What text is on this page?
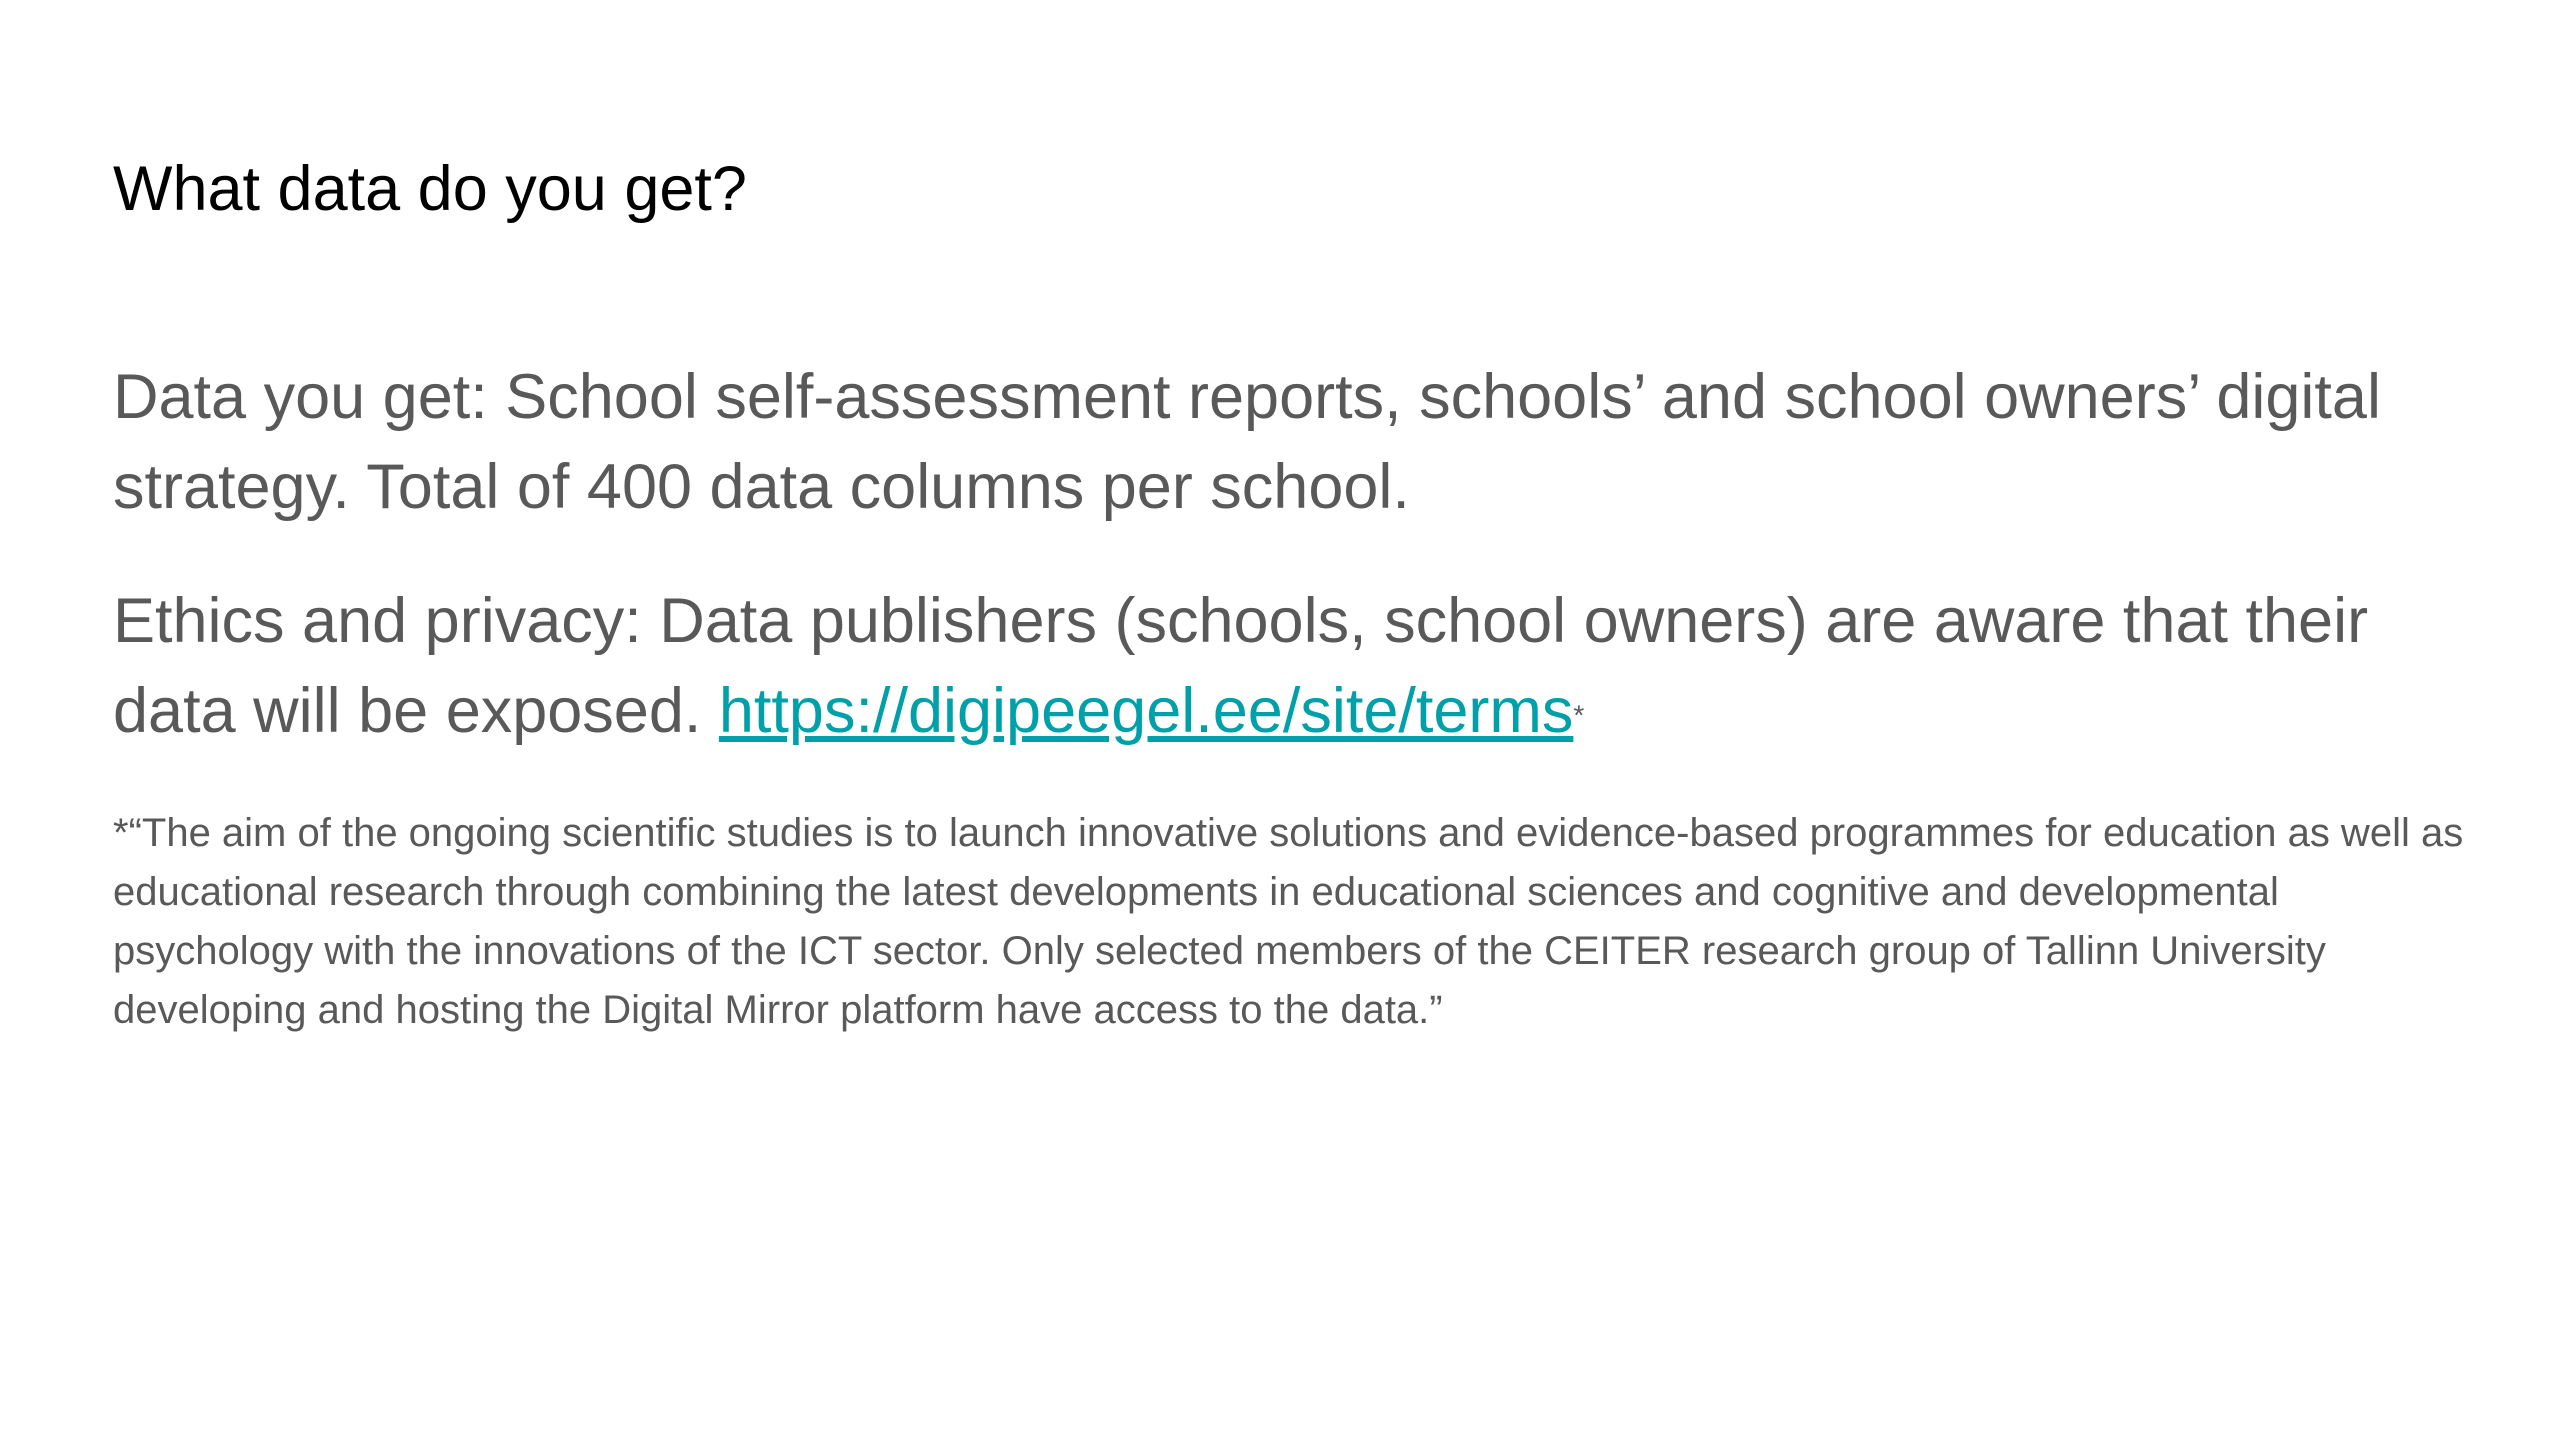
What data do you get?

Data you get: School self-assessment reports, schools’ and school owners’ digital strategy. Total of 400 data columns per school.

Ethics and privacy: Data publishers (schools, school owners) are aware that their data will be exposed. https://digipeegel.ee/site/terms*

*“The aim of the ongoing scientific studies is to launch innovative solutions and evidence-based programmes for education as well as educational research through combining the latest developments in educational sciences and cognitive and developmental psychology with the innovations of the ICT sector. Only selected members of the CEITER research group of Tallinn University developing and hosting the Digital Mirror platform have access to the data.”
